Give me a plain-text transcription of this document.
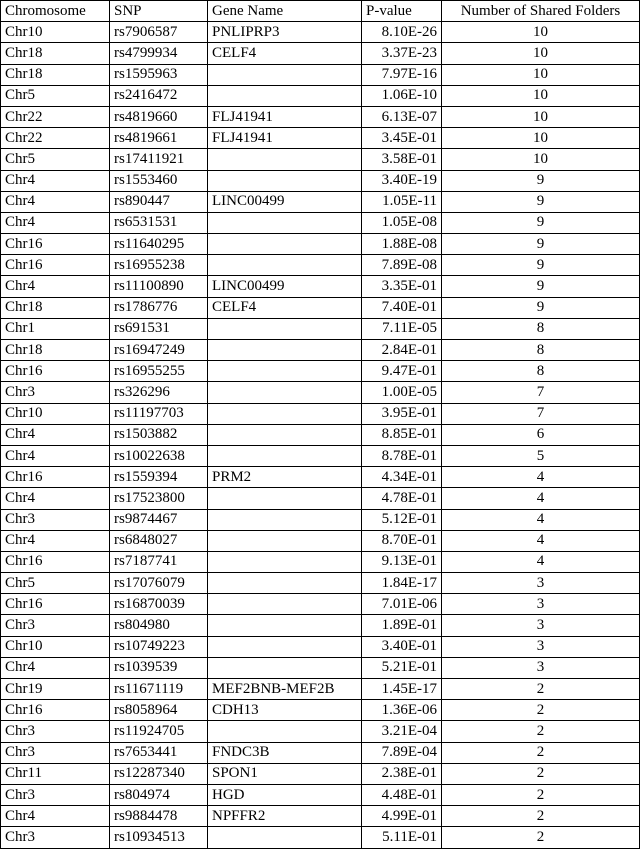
Chromosome	SNP	Gene Name	P-value	Number of Shared Folders
Chr10	rs7906587	PNLIPRP3	8.10E-26	10
Chr18	rs4799934	CELF4	3.37E-23	10
Chr18	rs1595963		7.97E-16	10
Chr5	rs2416472		1.06E-10	10
Chr22	rs4819660	FLJ41941	6.13E-07	10
Chr22	rs4819661	FLJ41941	3.45E-01	10
Chr5	rs17411921		3.58E-01	10
Chr4	rs1553460		3.40E-19	9
Chr4	rs890447	LINC00499	1.05E-11	9
Chr4	rs6531531		1.05E-08	9
Chr16	rs11640295		1.88E-08	9
Chr16	rs16955238		7.89E-08	9
Chr4	rs11100890	LINC00499	3.35E-01	9
Chr18	rs1786776	CELF4	7.40E-01	9
Chr1	rs691531		7.11E-05	8
Chr18	rs16947249		2.84E-01	8
Chr16	rs16955255		9.47E-01	8
Chr3	rs326296		1.00E-05	7
Chr10	rs11197703		3.95E-01	7
Chr4	rs1503882		8.85E-01	6
Chr4	rs10022638		8.78E-01	5
Chr16	rs1559394	PRM2	4.34E-01	4
Chr4	rs17523800		4.78E-01	4
Chr3	rs9874467		5.12E-01	4
Chr4	rs6848027		8.70E-01	4
Chr16	rs7187741		9.13E-01	4
Chr5	rs17076079		1.84E-17	3
Chr16	rs16870039		7.01E-06	3
Chr3	rs804980		1.89E-01	3
Chr10	rs10749223		3.40E-01	3
Chr4	rs1039539		5.21E-01	3
Chr19	rs11671119	MEF2BNB-MEF2B	1.45E-17	2
Chr16	rs8058964	CDH13	1.36E-06	2
Chr3	rs11924705		3.21E-04	2
Chr3	rs7653441	FNDC3B	7.89E-04	2
Chr11	rs12287340	SPON1	2.38E-01	2
Chr3	rs804974	HGD	4.48E-01	2
Chr4	rs9884478	NPFFR2	4.99E-01	2
Chr3	rs10934513		5.11E-01	2
